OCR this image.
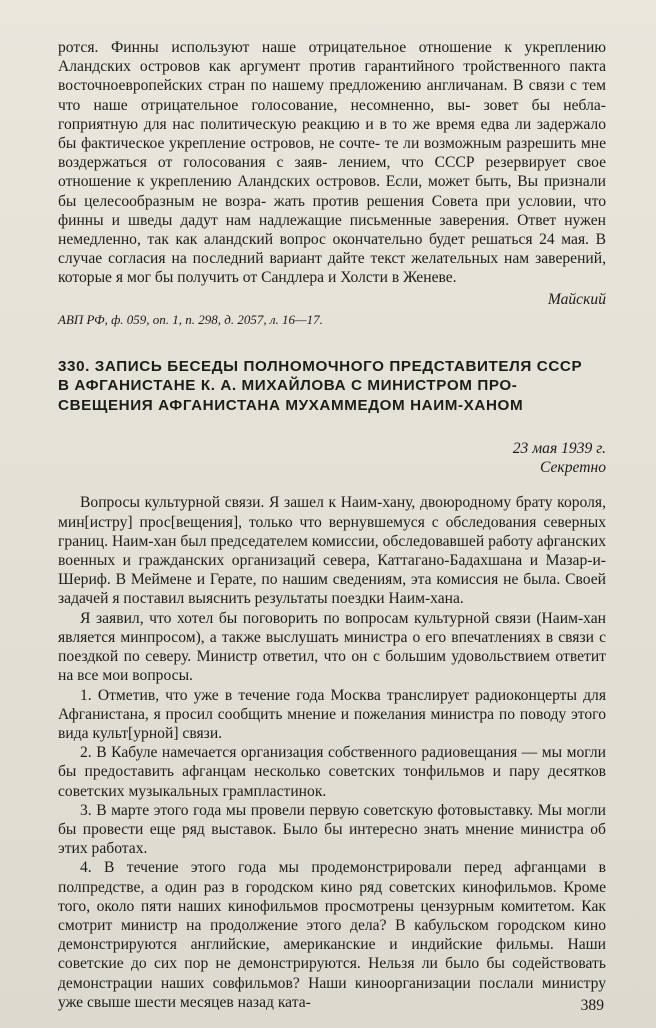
ротся. Финны используют наше отрицательное отношение к укреплению Аландских островов как аргумент против гарантийного тройственного пакта восточноевропейских стран по нашему предложению англичанам. В связи с тем что наше отрицательное голосование, несомненно, вы- зовет бы неблагоприятную для нас политическую реакцию и в то же время едва ли задержало бы фактическое укрепление островов, не сочте- те ли возможным разрешить мне воздержаться от голосования с заяв- лением, что СССР резервирует свое отношение к укреплению Аландских островов. Если, может быть, Вы признали бы целесообразным не возра- жать против решения Совета при условии, что финны и шведы дадут нам надлежащие письменные заверения. Ответ нужен немедленно, так как аландский вопрос окончательно будет решаться 24 мая. В случае согласия на последний вариант дайте текст желательных нам заверений, которые я мог бы получить от Сандлера и Холсти в Женеве.

Майский

АВП РФ, ф. 059, оп. 1, п. 298, д. 2057, л. 16—17.

330. ЗАПИСЬ БЕСЕДЫ ПОЛНОМОЧНОГО ПРЕДСТАВИТЕЛЯ СССР
В АФГАНИСТАНЕ К. А. МИХАЙЛОВА С МИНИСТРОМ ПРО-
СВЕЩЕНИЯ АФГАНИСТАНА МУХАММЕДОМ НАИМ-ХАНОМ

23 мая 1939 г.

Секретно

Вопросы культурной связи. Я зашел к Наим-хану, двоюродному брату короля, мин[истру] прос[вещения], только что вернувшемуся с обследования северных границ. Наим-хан был председателем комиссии, обследовавшей работу афганских военных и гражданских организаций севера, Каттагано-Бадахшана и Мазар-и-Шериф. В Меймене и Герате, по нашим сведениям, эта комиссия не была. Своей задачей я поставил выяснить результаты поездки Наим-хана.

Я заявил, что хотел бы поговорить по вопросам культурной связи (Наим-хан является минпросом), а также выслушать министра о его впечатлениях в связи с поездкой по северу. Министр ответил, что он с большим удовольствием ответит на все мои вопросы.

1. Отметив, что уже в течение года Москва транслирует радиоконцерты для Афганистана, я просил сообщить мнение и пожелания министра по поводу этого вида культ[урной] связи.

2. В Кабуле намечается организация собственного радиовещания — мы могли бы предоставить афганцам несколько советских тонфильмов и пару десятков советских музыкальных грампластинок.

3. В марте этого года мы провели первую советскую фотовыставку. Мы могли бы провести еще ряд выставок. Было бы интересно знать мнение министра об этих работах.

4. В течение этого года мы продемонстрировали перед афганцами в полпредстве, а один раз в городском кино ряд советских кинофильмов. Кроме того, около пяти наших кинофильмов просмотрены цензурным комитетом. Как смотрит министр на продолжение этого дела? В кабульском городском кино демонстрируются английские, американские и индийские фильмы. Наши советские до сих пор не демонстрируются. Нельзя ли было бы содействовать демонстрации наших совфильмов? Наши киноорганизации послали министру уже свыше шести месяцев назад ката-	389
